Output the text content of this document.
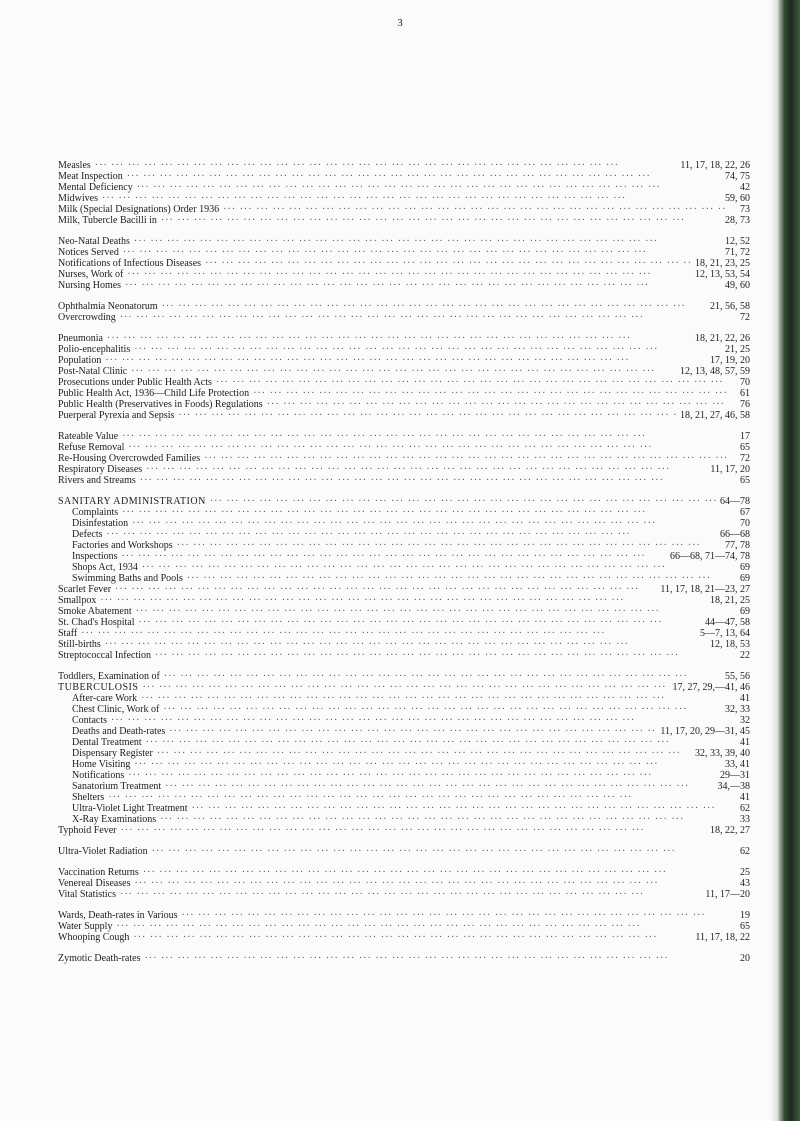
3
Measles ··· ·	11, 17, 18, 22, 26
Meat Inspection ··· ·	74, 75
Mental Deficiency ··· ·	42
Midwives ··· ·	59, 60
Milk (Special Designations) Order 1936 ··· ·	73
Milk, Tubercle Bacilli in ··· ·	28, 73
Neo-Natal Deaths ··· ·	12, 52
Notices Served ··· ·	71, 72
Notifications of Infectious Diseases ··· ·	18, 21, 23, 25
Nurses, Work of ··· ·	12, 13, 53, 54
Nursing Homes ··· ·	49, 60
Ophthalmia Neonatorum ··· ·	21, 56, 58
Overcrowding ··· ·	72
Pneumonia ··· ·	18, 21, 22, 26
Polio-encephalitis ··· ·	21, 25
Population ··· ·	17, 19, 20
Post-Natal Clinic ··· ·	12, 13, 48, 57, 59
Prosecutions under Public Health Acts ··· ·	70
Public Health Act, 1936—Child Life Protection ··· ·	61
Public Health (Preservatives in Foods) Regulations ··· ·	76
Puerperal Pyrexia and Sepsis ··· ·	18, 21, 27, 46, 58
Rateable Value ··· ·	17
Refuse Removal ··· ·	65
Re-Housing Overcrowded Families ··· ·	72
Respiratory Diseases ··· ·	11, 17, 20
Rivers and Streams ··· ·	65
SANITARY ADMINISTRATION ··· ·	64—78
Complaints ··· ·	67
Disinfestation ··· ·	70
Defects ··· ·	66—68
Factories and Workshops ··· ·	77, 78
Inspections ··· ·	66—68, 71—74, 78
Shops Act, 1934 ··· ·	69
Swimming Baths and Pools ··· ·	69
Scarlet Fever ··· ·	11, 17, 18, 21—23, 27
Smallpox ··· ·	18, 21, 25
Smoke Abatement ··· ·	69
St. Chad's Hospital ··· ·	44—47, 58
Staff ··· ·	5—7, 13, 64
Still-births ··· ·	12, 18, 53
Streptococcal Infection ··· ·	22
Toddlers, Examination of ··· ·	55, 56
TUBERCULOSIS ··· ·	17, 27, 29,—41, 46
After-care Work ··· ·	41
Chest Clinic, Work of ··· ·	32, 33
Contacts ··· ·	32
Deaths and Death-rates ··· ·	11, 17, 20, 29—31, 45
Dental Treatment ··· ·	41
Dispensary Register ··· ·	32, 33, 39, 40
Home Visiting ··· ·	33, 41
Notifications ··· ·	29—31
Sanatorium Treatment ··· ·	34,—38
Shelters ··· ·	41
Ultra-Violet Light Treatment ··· ·	62
X-Ray Examinations ··· ·	33
Typhoid Fever ··· ·	18, 22, 27
Ultra-Violet Radiation ··· ·	62
Vaccination Returns ··· ·	25
Venereal Diseases ··· ·	43
Vital Statistics ··· ·	11, 17—20
Wards, Death-rates in Various ··· ·	19
Water Supply ··· ·	65
Whooping Cough ··· ·	11, 17, 18, 22
Zymotic Death-rates ··· ·	20
